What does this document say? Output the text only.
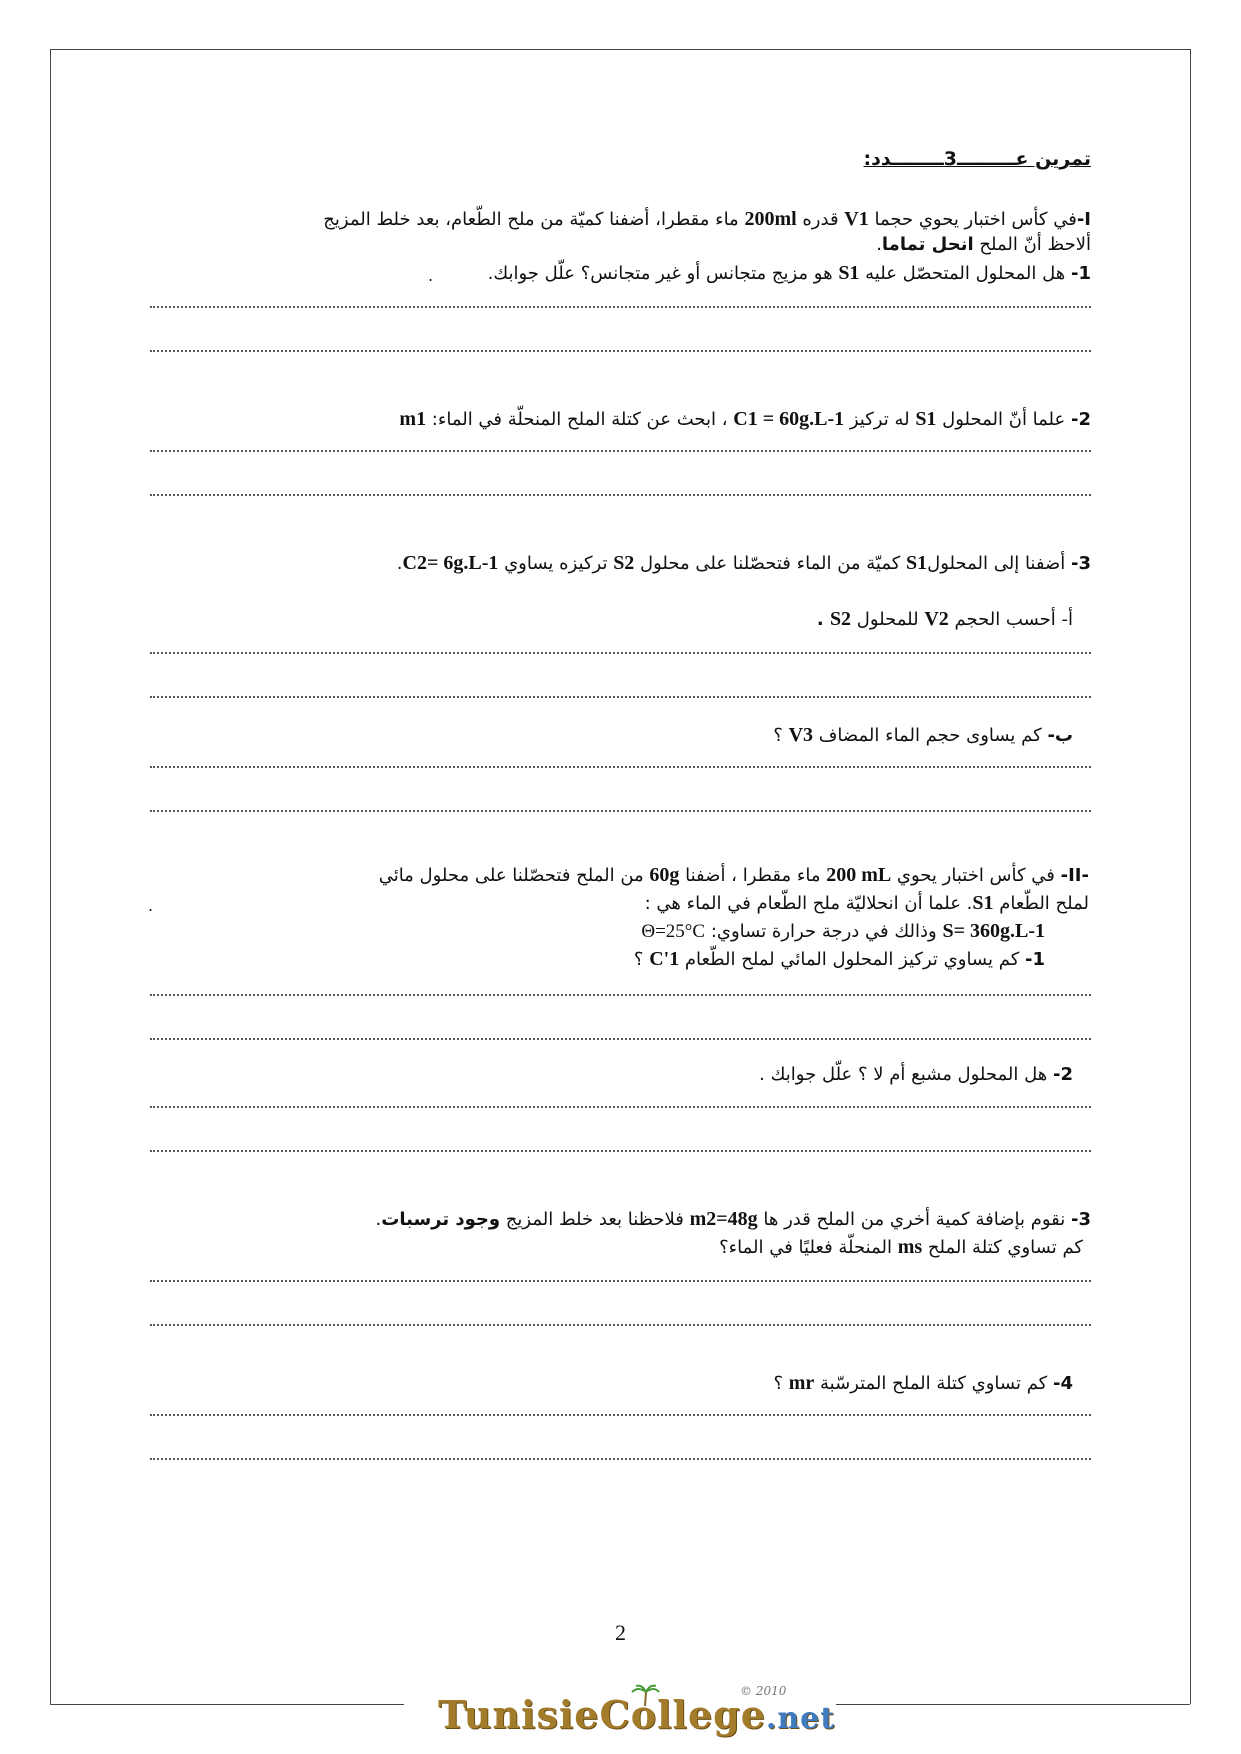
تمرين عـــــــــ3ــــــــدد:
I-في كأس اختبار يحوي حجما V1 قدره 200ml ماء مقطرا، أضفنا كميّة من ملح الطّعام، بعد خلط المزيج
ألاحظ أنّ الملح انحل تماما.
1- هل المحلول المتحصّل عليه S1 هو مزيج متجانس أو غير متجانس؟ علّل جوابك.
.
2- علما أنّ المحلول S1 له تركيز C1 = 60g.L-1 ، ابحث عن كتلة الملح المنحلّة في الماء: m1
3- أضفنا إلى المحلولS1 كميّة من الماء فتحصّلنا على محلول S2 تركيزه يساوي C2= 6g.L-1.
أ- أحسب الحجم V2 للمحلول S2 .
ب- كم يساوى حجم الماء المضاف V3 ؟
-II- في كأس اختبار يحوي 200 mL ماء مقطرا ، أضفنا 60g من الملح فتحصّلنا على محلول مائي
لملح الطّعام S1. علما أن انحلاليّة ملح الطّعام في الماء هي :
.
S= 360g.L-1 وذالك في درجة حرارة تساوي: Θ=25°C
1- كم يساوي تركيز المحلول المائي لملح الطّعام C'1 ؟
2- هل المحلول مشبع أم لا ؟ علّل جوابك .
3- نقوم بإضافة كمية أخري من الملح قدر ها m2=48g فلاحظنا بعد خلط المزيج وجود ترسبات.
كم تساوي كتلة الملح ms المنحلّة فعليًا في الماء؟
4- كم تساوي كتلة الملح المترسّبة mr ؟
2
© 2010
TunisieCollege.net
